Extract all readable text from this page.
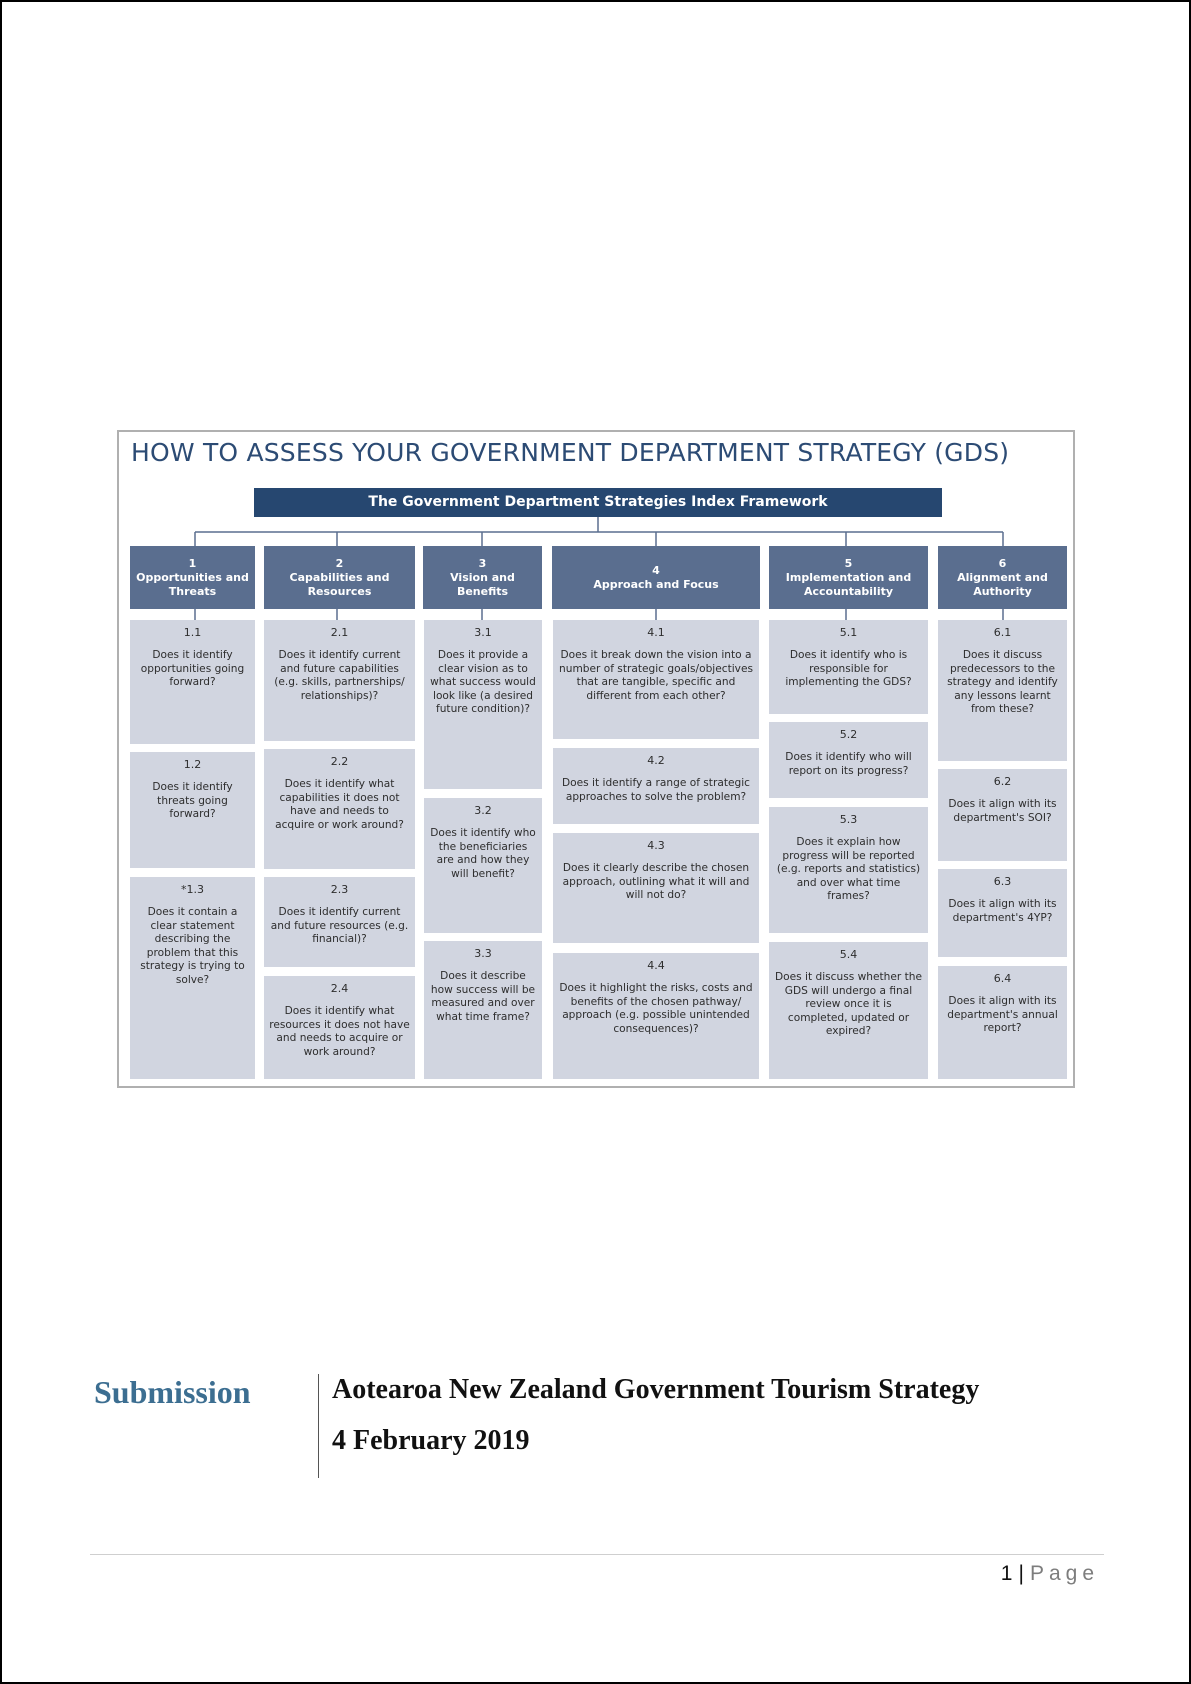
HOW TO ASSESS YOUR GOVERNMENT DEPARTMENT STRATEGY (GDS)
The Government Department Strategies Index Framework
1
Opportunities and Threats
2
Capabilities and Resources
3
Vision and Benefits
4
Approach and Focus
5
Implementation and Accountability
6
Alignment and Authority
1.1
Does it identify opportunities going forward?
1.2
Does it identify threats going forward?
*1.3
Does it contain a clear statement describing the problem that this strategy is trying to solve?
2.1
Does it identify current and future capabilities (e.g. skills, partnerships/ relationships)?
2.2
Does it identify what capabilities it does not have and needs to acquire or work around?
2.3
Does it identify current and future resources (e.g. financial)?
2.4
Does it identify what resources it does not have and needs to acquire or work around?
3.1
Does it provide a clear vision as to what success would look like (a desired future condition)?
3.2
Does it identify who the beneficiaries are and how they will benefit?
3.3
Does it describe how success will be measured and over what time frame?
4.1
Does it break down the vision into a number of strategic goals/objectives that are tangible, specific and different from each other?
4.2
Does it identify a range of strategic approaches to solve the problem?
4.3
Does it clearly describe the chosen approach, outlining what it will and will not do?
4.4
Does it highlight the risks, costs and benefits of the chosen pathway/ approach (e.g. possible unintended consequences)?
5.1
Does it identify who is responsible for implementing the GDS?
5.2
Does it identify who will report on its progress?
5.3
Does it explain how progress will be reported (e.g. reports and statistics) and over what time frames?
5.4
Does it discuss whether the GDS will undergo a final review once it is completed, updated or expired?
6.1
Does it discuss predecessors to the strategy and identify any lessons learnt from these?
6.2
Does it align with its department's SOI?
6.3
Does it align with its department's 4YP?
6.4
Does it align with its department's annual report?
Submission	Aotearoa New Zealand Government Tourism Strategy
4 February 2019
1 | Page
